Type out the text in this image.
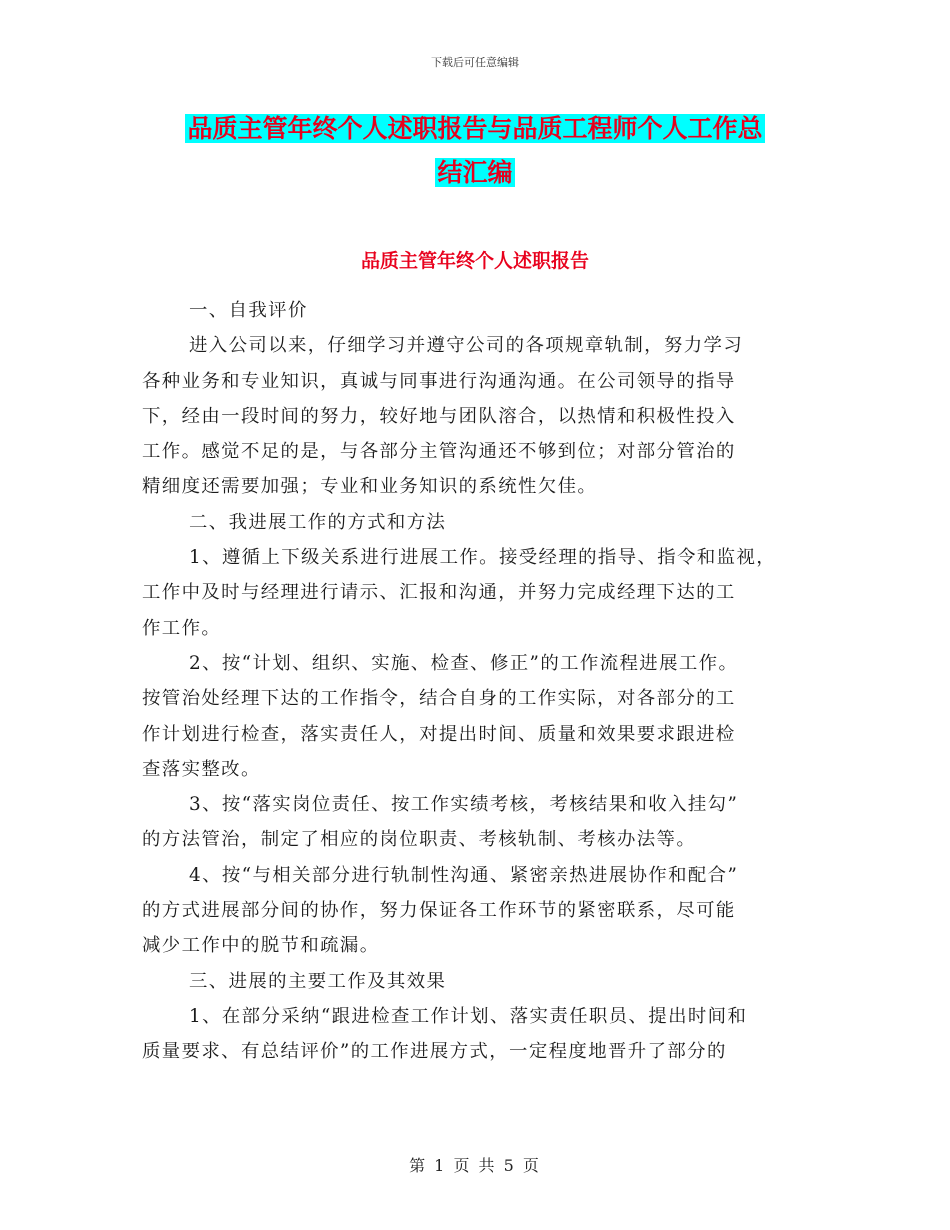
下载后可任意编辑
品质主管年终个人述职报告与品质工程师个人工作总
结汇编
品质主管年终个人述职报告
一、自我评价
进入公司以来，仔细学习并遵守公司的各项规章轨制，努力学习
各种业务和专业知识，真诚与同事进行沟通沟通。在公司领导的指导
下，经由一段时间的努力，较好地与团队溶合，以热情和积极性投入
工作。感觉不足的是，与各部分主管沟通还不够到位；对部分管治的
精细度还需要加强；专业和业务知识的系统性欠佳。
二、我进展工作的方式和方法
1、遵循上下级关系进行进展工作。接受经理的指导、指令和监视，
工作中及时与经理进行请示、汇报和沟通，并努力完成经理下达的工
作工作。
2、按“计划、组织、实施、检查、修正”的工作流程进展工作。
按管治处经理下达的工作指令，结合自身的工作实际，对各部分的工
作计划进行检查，落实责任人，对提出时间、质量和效果要求跟进检
查落实整改。
3、按“落实岗位责任、按工作实绩考核，考核结果和收入挂勾”
的方法管治，制定了相应的岗位职责、考核轨制、考核办法等。
4、按“与相关部分进行轨制性沟通、紧密亲热进展协作和配合”
的方式进展部分间的协作，努力保证各工作环节的紧密联系，尽可能
减少工作中的脱节和疏漏。
三、进展的主要工作及其效果
1、在部分采纳“跟进检查工作计划、落实责任职员、提出时间和
质量要求、有总结评价”的工作进展方式，一定程度地晋升了部分的
第 1 页 共 5 页
